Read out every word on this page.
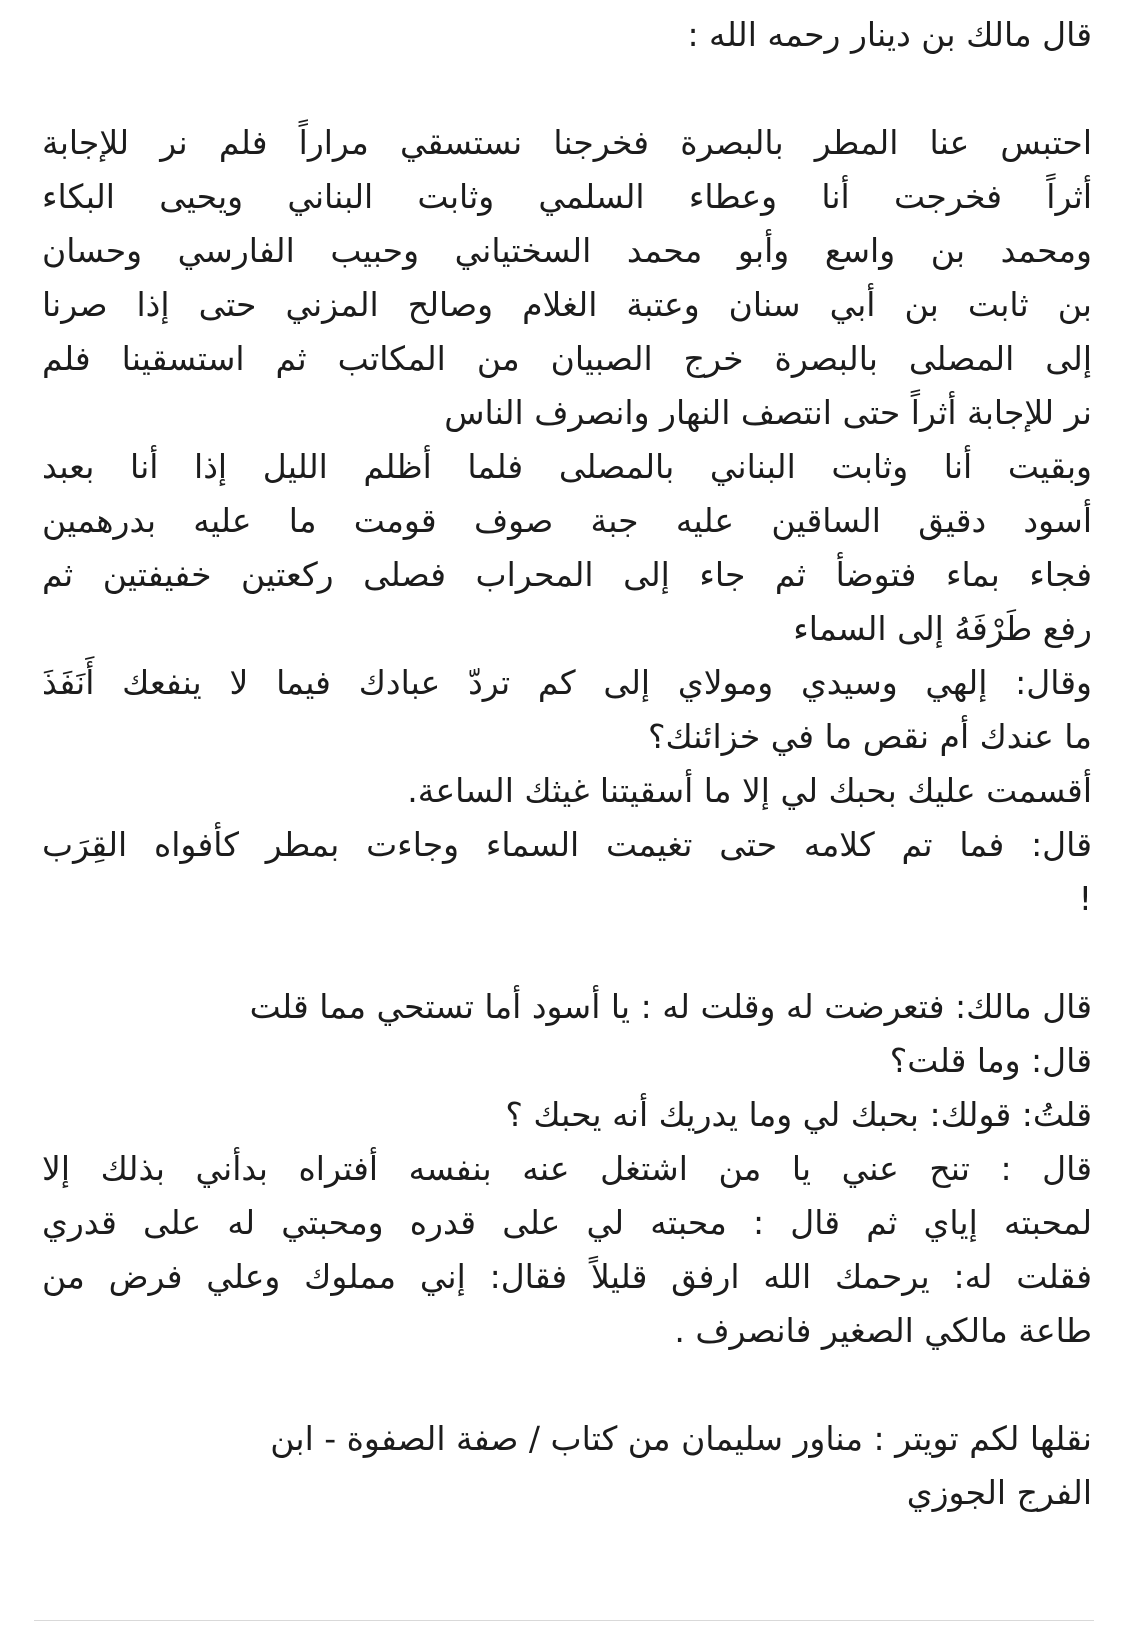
قال مالك بن دينار رحمه الله :
احتبس عنا المطر بالبصرة فخرجنا نستسقي مراراً فلم نر للإجابة
أثراً فخرجت أنا وعطاء السلمي وثابت البناني ويحيى البكاء
ومحمد بن واسع وأبو محمد السختياني وحبيب الفارسي وحسان
بن ثابت بن أبي سنان وعتبة الغلام وصالح المزني حتى إذا صرنا
إلى المصلى بالبصرة خرج الصبيان من المكاتب ثم استسقينا فلم
نر للإجابة أثراً حتى انتصف النهار وانصرف الناس
وبقيت أنا وثابت البناني بالمصلى فلما أظلم الليل إذا أنا بعبد
أسود دقيق الساقين عليه جبة صوف قومت ما عليه بدرهمين
فجاء بماء فتوضأ ثم جاء إلى المحراب فصلى ركعتين خفيفتين ثم
رفع طَرْفَهُ إلى السماء
وقال: إلهي وسيدي ومولاي إلى كم تردّ عبادك فيما لا ينفعك أَنَفَذَ
ما عندك أم نقص ما في خزائنك؟
أقسمت عليك بحبك لي إلا ما أسقيتنا غيثك الساعة.
قال: فما تم كلامه حتى تغيمت السماء وجاءت بمطر كأفواه القِرَب
!
قال مالك: فتعرضت له وقلت له : يا أسود أما تستحي مما قلت
قال: وما قلت؟
قلتُ: قولك: بحبك لي وما يدريك أنه يحبك ؟
قال : تنح عني يا من اشتغل عنه بنفسه أفتراه بدأني بذلك إلا
لمحبته إياي ثم قال : محبته لي على قدره ومحبتي له على قدري
فقلت له: يرحمك الله ارفق قليلاً فقال: إني مملوك وعلي فرض من
طاعة مالكي الصغير فانصرف .
نقلها لكم تويتر : مناور سليمان من كتاب / صفة الصفوة - ابن
الفرج الجوزي
